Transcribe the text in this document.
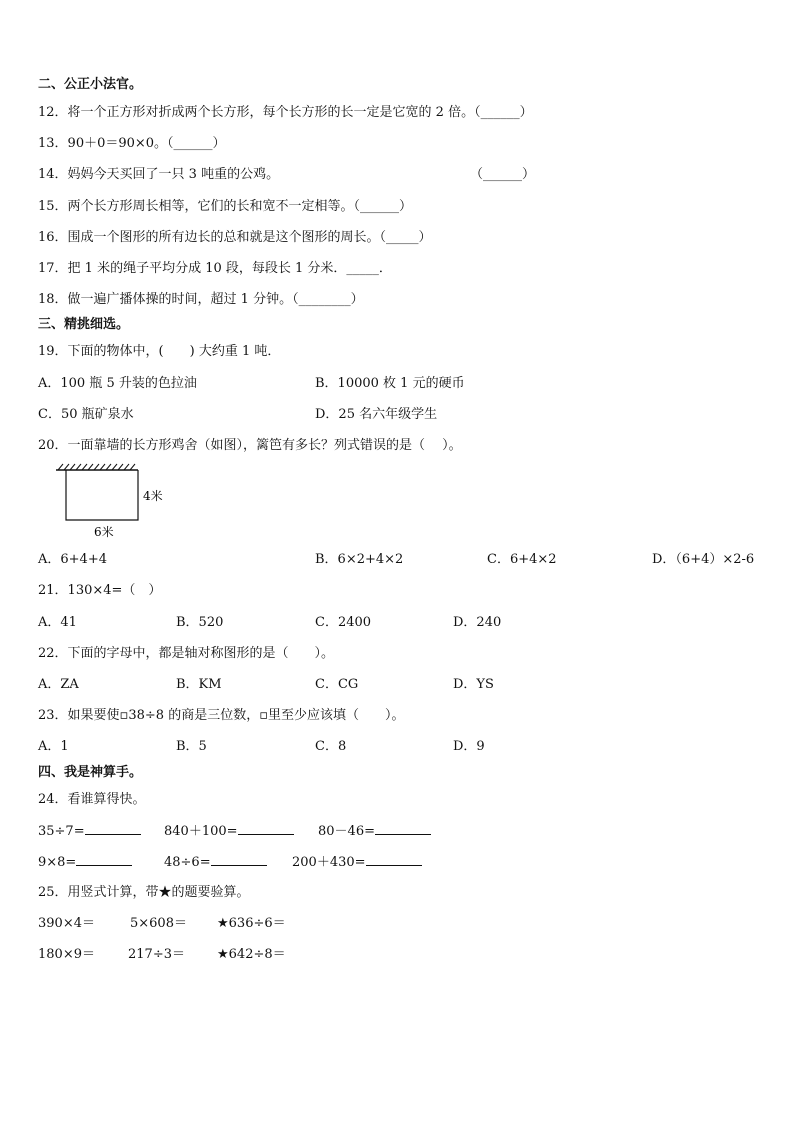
二、公正小法官。
12．将一个正方形对折成两个长方形，每个长方形的长一定是它宽的 2 倍。（______）
13．90＋0＝90×0。（______）
14．妈妈今天买回了一只 3 吨重的公鸡。	（______）
15．两个长方形周长相等，它们的长和宽不一定相等。（______）
16．围成一个图形的所有边长的总和就是这个图形的周长。（_____）
17．把 1 米的绳子平均分成 10 段，每段长 1 分米．_____．
18．做一遍广播体操的时间，超过 1 分钟。（________）
三、精挑细选。
19．下面的物体中，(　　) 大约重 1 吨．
A．100 瓶 5 升装的色拉油	B．10000 枚 1 元的硬币
C．50 瓶矿泉水	D．25 名六年级学生
20．一面靠墙的长方形鸡舍（如图），篱笆有多长？列式错误的是（　 ）。
4米
6米
A．6+4+4	B．6×2+4×2	C．6+4×2	D．（6+4）×2-6
21．130×4=（　）
A．41	B．520	C．2400	D．240
22．下面的字母中，都是轴对称图形的是（　　）。
A．ZA	B．KM	C．CG	D．YS
23．如果要使▫38÷8 的商是三位数，▫里至少应该填（　　）。
A．1	B．5	C．8	D．9
四、我是神算手。
24．看谁算得快。
35÷7=	840＋100=	80－46=
9×8=	48÷6=	200＋430=
25．用竖式计算，带★的题要验算。
390×4＝	5×608＝ ★636÷6＝
180×9＝	217÷3＝ ★642÷8＝
